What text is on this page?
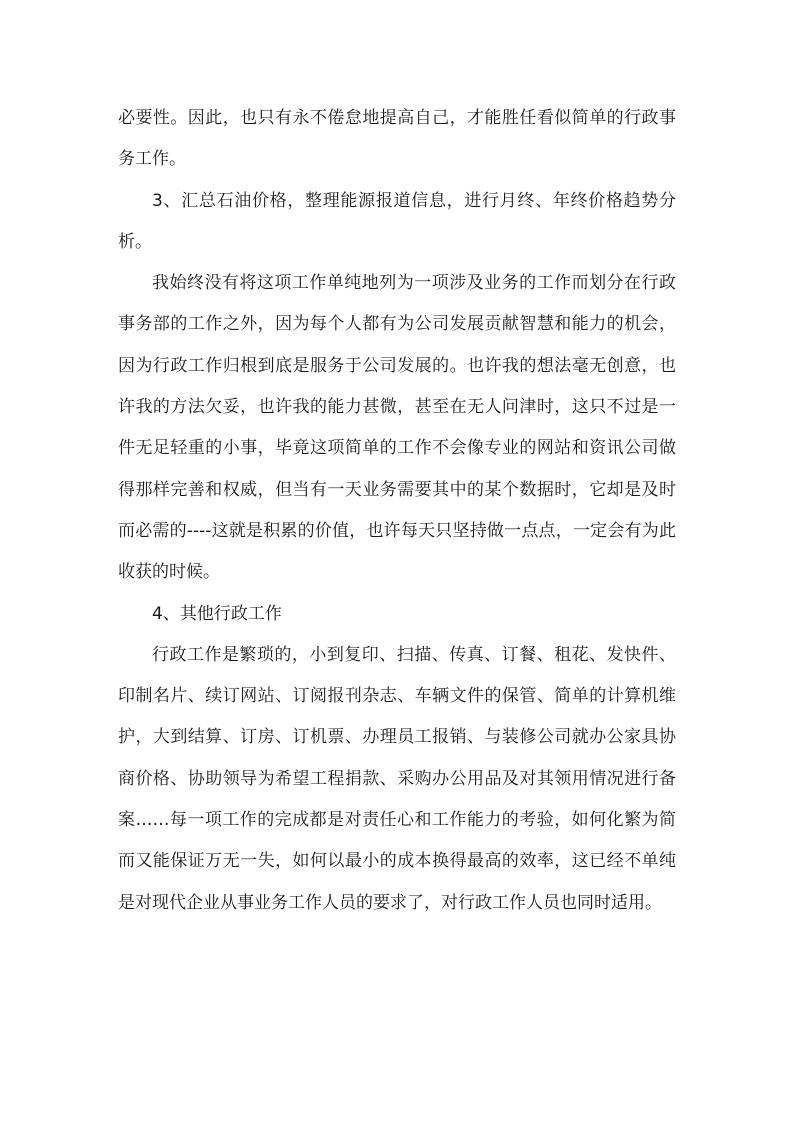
必要性。因此，也只有永不倦怠地提高自己，才能胜任看似简单的行政事务工作。

3、汇总石油价格，整理能源报道信息，进行月终、年终价格趋势分析。

我始终没有将这项工作单纯地列为一项涉及业务的工作而划分在行政事务部的工作之外，因为每个人都有为公司发展贡献智慧和能力的机会，因为行政工作归根到底是服务于公司发展的。也许我的想法毫无创意，也许我的方法欠妥，也许我的能力甚微，甚至在无人问津时，这只不过是一件无足轻重的小事，毕竟这项简单的工作不会像专业的网站和资讯公司做得那样完善和权威，但当有一天业务需要其中的某个数据时，它却是及时而必需的----这就是积累的价值，也许每天只坚持做一点点，一定会有为此收获的时候。

4、其他行政工作

行政工作是繁琐的，小到复印、扫描、传真、订餐、租花、发快件、印制名片、续订网站、订阅报刊杂志、车辆文件的保管、简单的计算机维护，大到结算、订房、订机票、办理员工报销、与装修公司就办公家具协商价格、协助领导为希望工程捐款、采购办公用品及对其领用情况进行备案……每一项工作的完成都是对责任心和工作能力的考验，如何化繁为简而又能保证万无一失，如何以最小的成本换得最高的效率，这已经不单纯是对现代企业从事业务工作人员的要求了，对行政工作人员也同时适用。
